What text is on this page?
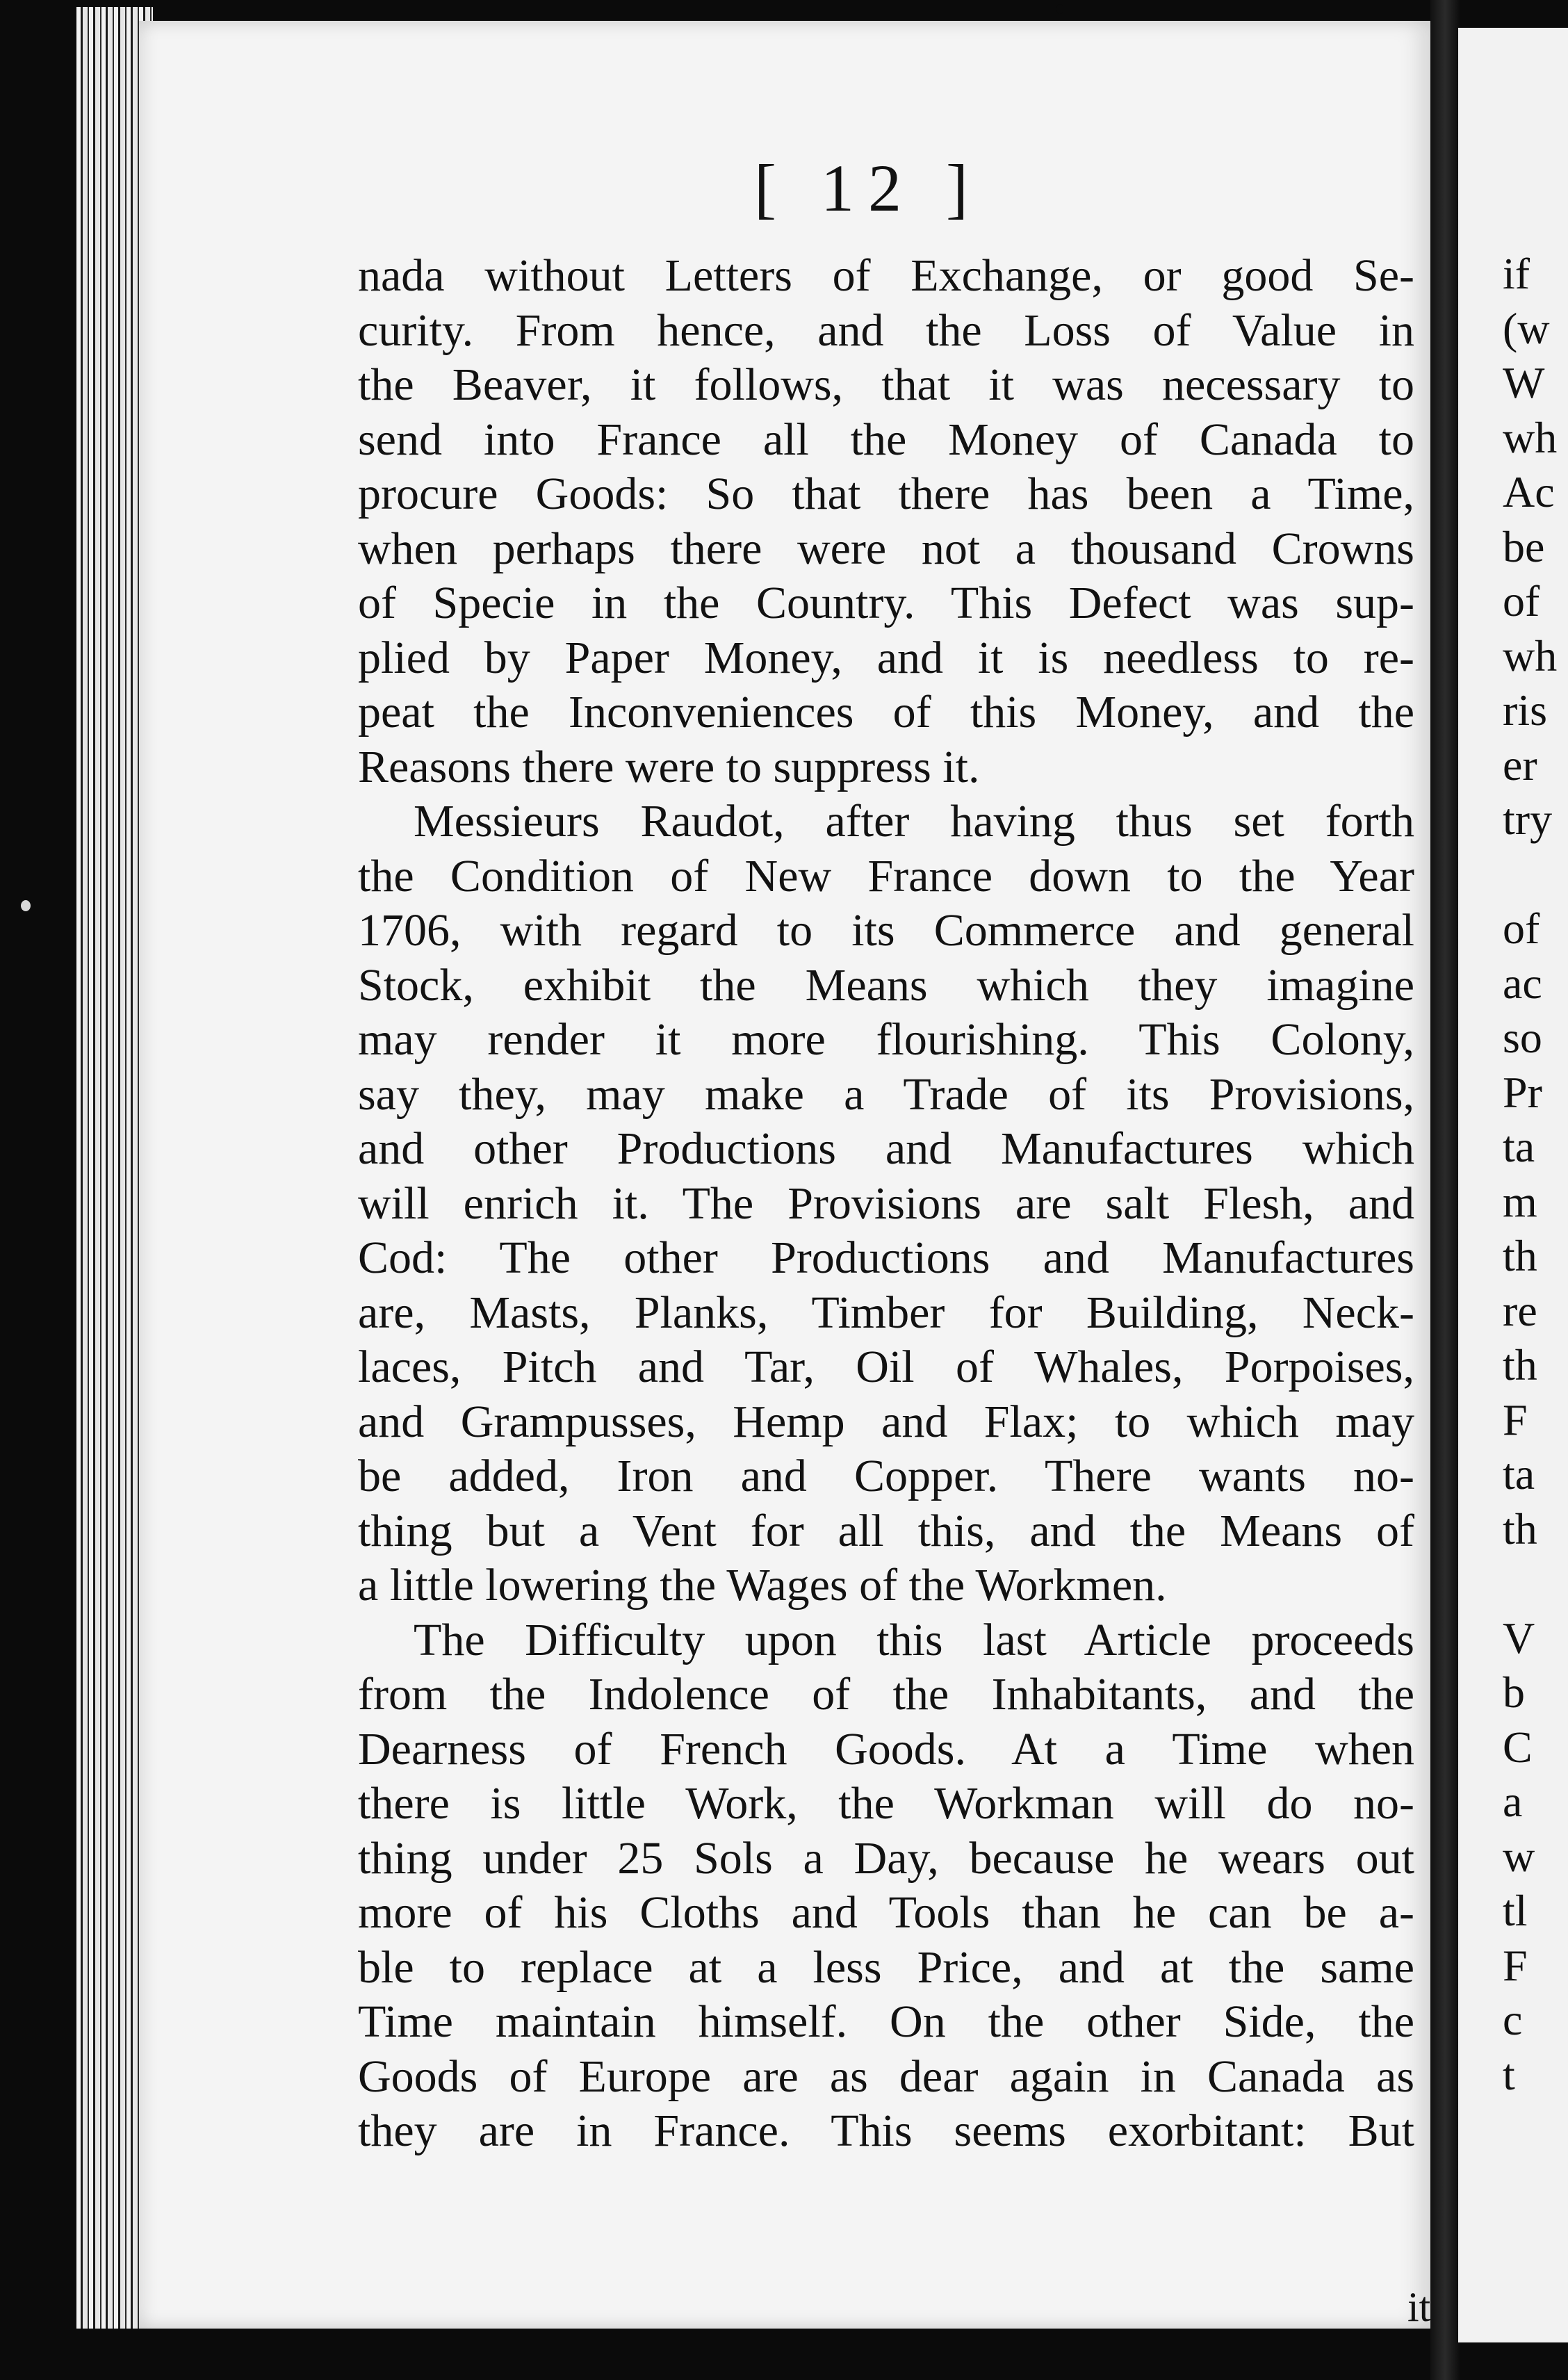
[ 12 ]
nada without Letters of Exchange, or good Se-
curity. From hence, and the Loss of Value in
the Beaver, it follows, that it was necessary to
send into France all the Money of Canada to
procure Goods: So that there has been a Time,
when perhaps there were not a thousand Crowns
of Specie in the Country. This Defect was sup-
plied by Paper Money, and it is needless to re-
peat the Inconveniences of this Money, and the
Reasons there were to suppress it.
Messieurs Raudot, after having thus set forth
the Condition of New France down to the Year
1706, with regard to its Commerce and general
Stock, exhibit the Means which they imagine
may render it more flourishing. This Colony,
say they, may make a Trade of its Provisions,
and other Productions and Manufactures which
will enrich it. The Provisions are salt Flesh, and
Cod: The other Productions and Manufactures
are, Masts, Planks, Timber for Building, Neck-
laces, Pitch and Tar, Oil of Whales, Porpoises,
and Grampusses, Hemp and Flax; to which may
be added, Iron and Copper. There wants no-
thing but a Vent for all this, and the Means of
a little lowering the Wages of the Workmen.
The Difficulty upon this last Article proceeds
from the Indolence of the Inhabitants, and the
Dearness of French Goods. At a Time when
there is little Work, the Workman will do no-
thing under 25 Sols a Day, because he wears out
more of his Cloths and Tools than he can be a-
ble to replace at a less Price, and at the same
Time maintain himself. On the other Side, the
Goods of Europe are as dear again in Canada as
they are in France. This seems exorbitant: But
it
if
(w
W
wh
Ac
be
of
wh
ris
er
try
of
ac
so
Pr
ta
m
th
re
th
F
ta
th
V
b
C
a
w
tl
F
c
t
